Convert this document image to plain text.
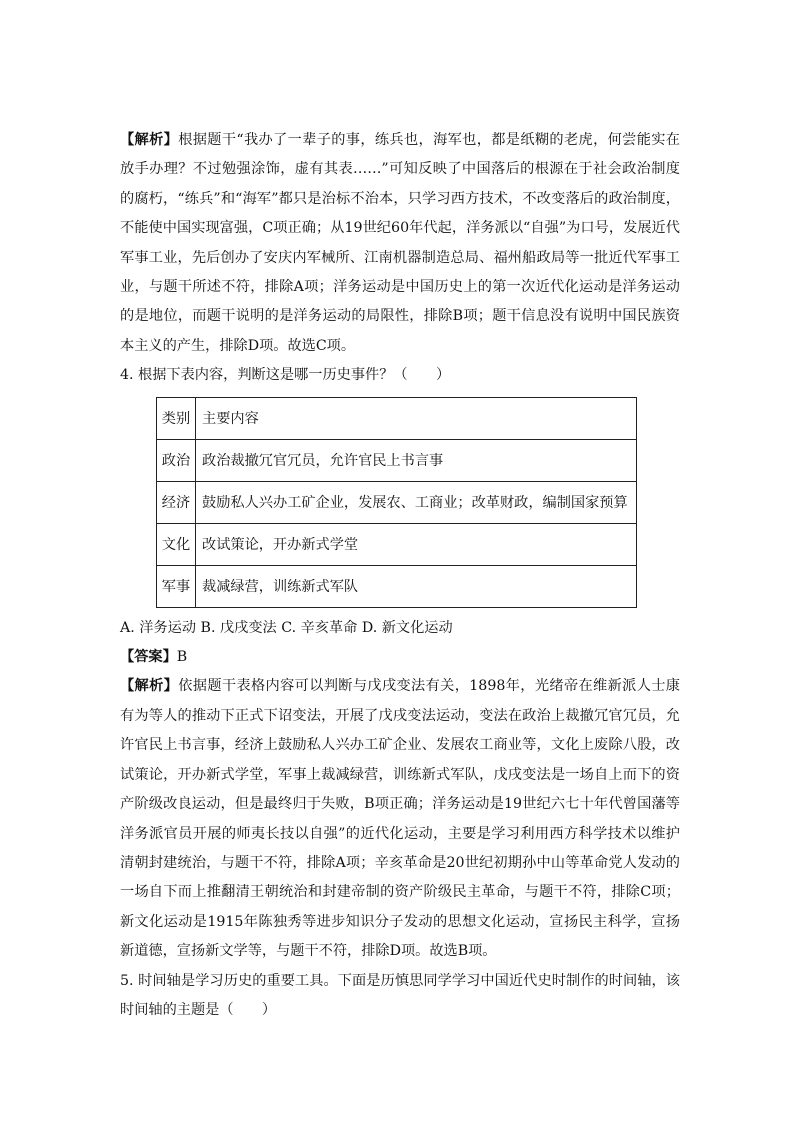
【解析】根据题干“我办了一辈子的事，练兵也，海军也，都是纸糊的老虎，何尝能实在放手办理？不过勉强涂饰，虚有其表……”可知反映了中国落后的根源在于社会政治制度的腐朽，“练兵”和“海军”都只是治标不治本，只学习西方技术，不改变落后的政治制度，不能使中国实现富强，C项正确；从19世纪60年代起，洋务派以“自强”为口号，发展近代军事工业，先后创办了安庆内军械所、江南机器制造总局、福州船政局等一批近代军事工业，与题干所述不符，排除A项；洋务运动是中国历史上的第一次近代化运动是洋务运动的是地位，而题干说明的是洋务运动的局限性，排除B项；题干信息没有说明中国民族资本主义的产生，排除D项。故选C项。

4. 根据下表内容，判断这是哪一历史事件？（　　）

类别	主要内容
政治	政治裁撤冗官冗员，允许官民上书言事
经济	鼓励私人兴办工矿企业，发展农、工商业；改革财政，编制国家预算
文化	改试策论，开办新式学堂
军事	裁减绿营，训练新式军队

A. 洋务运动 B. 戊戌变法 C. 辛亥革命 D. 新文化运动

【答案】B

【解析】依据题干表格内容可以判断与戊戌变法有关，1898年，光绪帝在维新派人士康有为等人的推动下正式下诏变法，开展了戊戌变法运动，变法在政治上裁撤冗官冗员，允许官民上书言事，经济上鼓励私人兴办工矿企业、发展农工商业等，文化上废除八股，改试策论，开办新式学堂，军事上裁减绿营，训练新式军队，戊戌变法是一场自上而下的资产阶级改良运动，但是最终归于失败，B项正确；洋务运动是19世纪六七十年代曾国藩等洋务派官员开展的师夷长技以自强”的近代化运动，主要是学习利用西方科学技术以维护清朝封建统治，与题干不符，排除A项；辛亥革命是20世纪初期孙中山等革命党人发动的一场自下而上推翻清王朝统治和封建帝制的资产阶级民主革命，与题干不符，排除C项；新文化运动是1915年陈独秀等进步知识分子发动的思想文化运动，宣扬民主科学，宣扬新道德，宣扬新文学等，与题干不符，排除D项。故选B项。

5. 时间轴是学习历史的重要工具。下面是历慎思同学学习中国近代史时制作的时间轴，该时间轴的主题是（　　）
